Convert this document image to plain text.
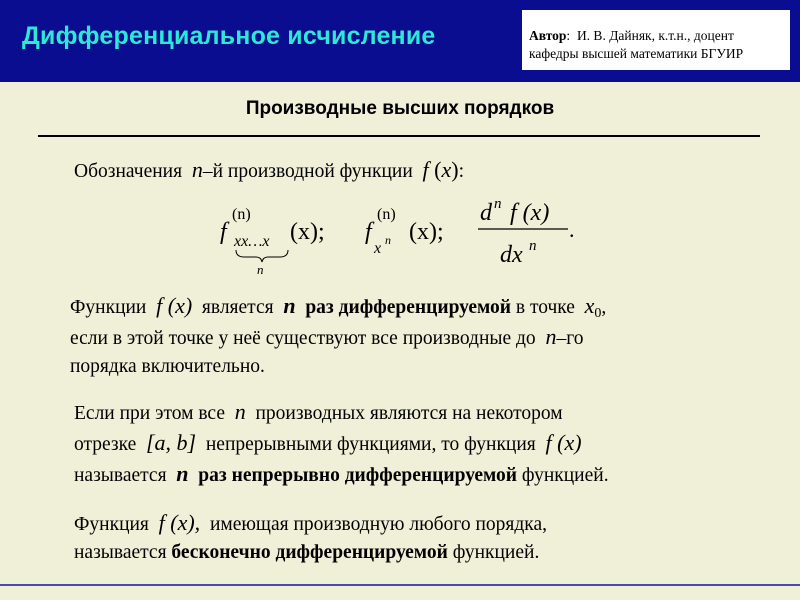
Дифференциальное исчисление	Автор:  И. В. Дайняк, к.т.н., доцент
кафедры высшей математики БГУИР
Производные высших порядков
Обозначения n–й производной функции f (x):
f
(n)
xx…x
n
(x); f
(n)
x n (x);
d n f (x)
dx n
.
Функции f (x) является n раз дифференцируемой в точке $x_0$,
если в этой точке у неё существуют все производные до n–го
порядка включительно.
Если при этом все n производных являются на некотором
отрезке [a, b] непрерывными функциями, то функция f (x)
называется n раз непрерывно дифференцируемой функцией.
Функция f (x), имеющая производную любого порядка,
называется бесконечно дифференцируемой функцией.
